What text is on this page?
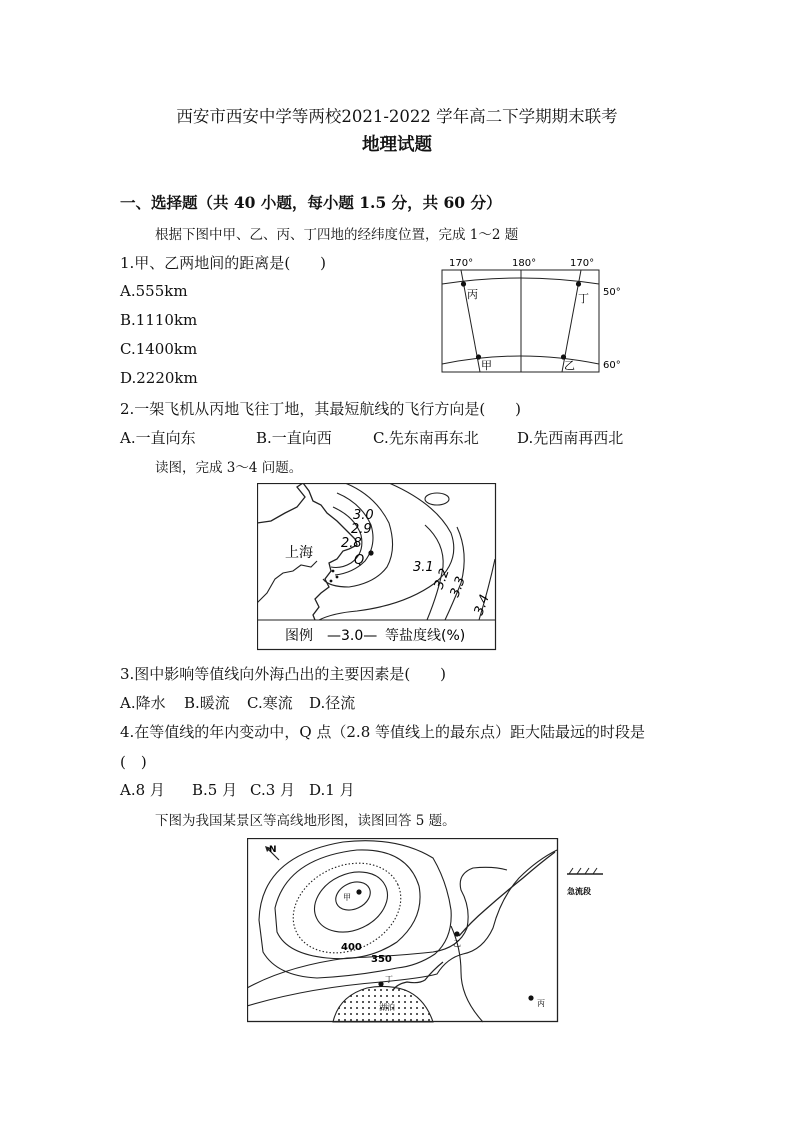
西安市西安中学等两校2021-2022 学年高二下学期期末联考
地理试题
一、选择题（共 40 小题，每小题 1.5 分，共 60 分）
根据下图中甲、乙、丙、丁四地的经纬度位置，完成 1～2 题
1.甲、乙两地间的距离是(　　)
A.555km
B.1110km
C.1400km
D.2220km
170°	180°	170°
丙	丁
甲	乙
50°
60°
2.一架飞机从丙地飞往丁地，其最短航线的飞行方向是(　　)
A.一直向东	B.一直向西	C.先东南再东北	D.先西南再西北
读图，完成 3～4 问题。
上海	Q
3.0
2.9
2.8
3.1
3.2
3.3
3.4
图例 —3.0— 等盐度线(%)
3.图中影响等值线向外海凸出的主要因素是(　　)
A.降水 B.暖流 C.寒流 D.径流
4.在等值线的年内变动中，Q 点（2.8 等值线上的最东点）距大陆最远的时段是
(　)
A.8 月 B.5 月 C.3 月 D.1 月
下图为我国某景区等高线地形图，读图回答 5 题。
N
甲
乙
丙
丁
400
350
湖泊
急流段
